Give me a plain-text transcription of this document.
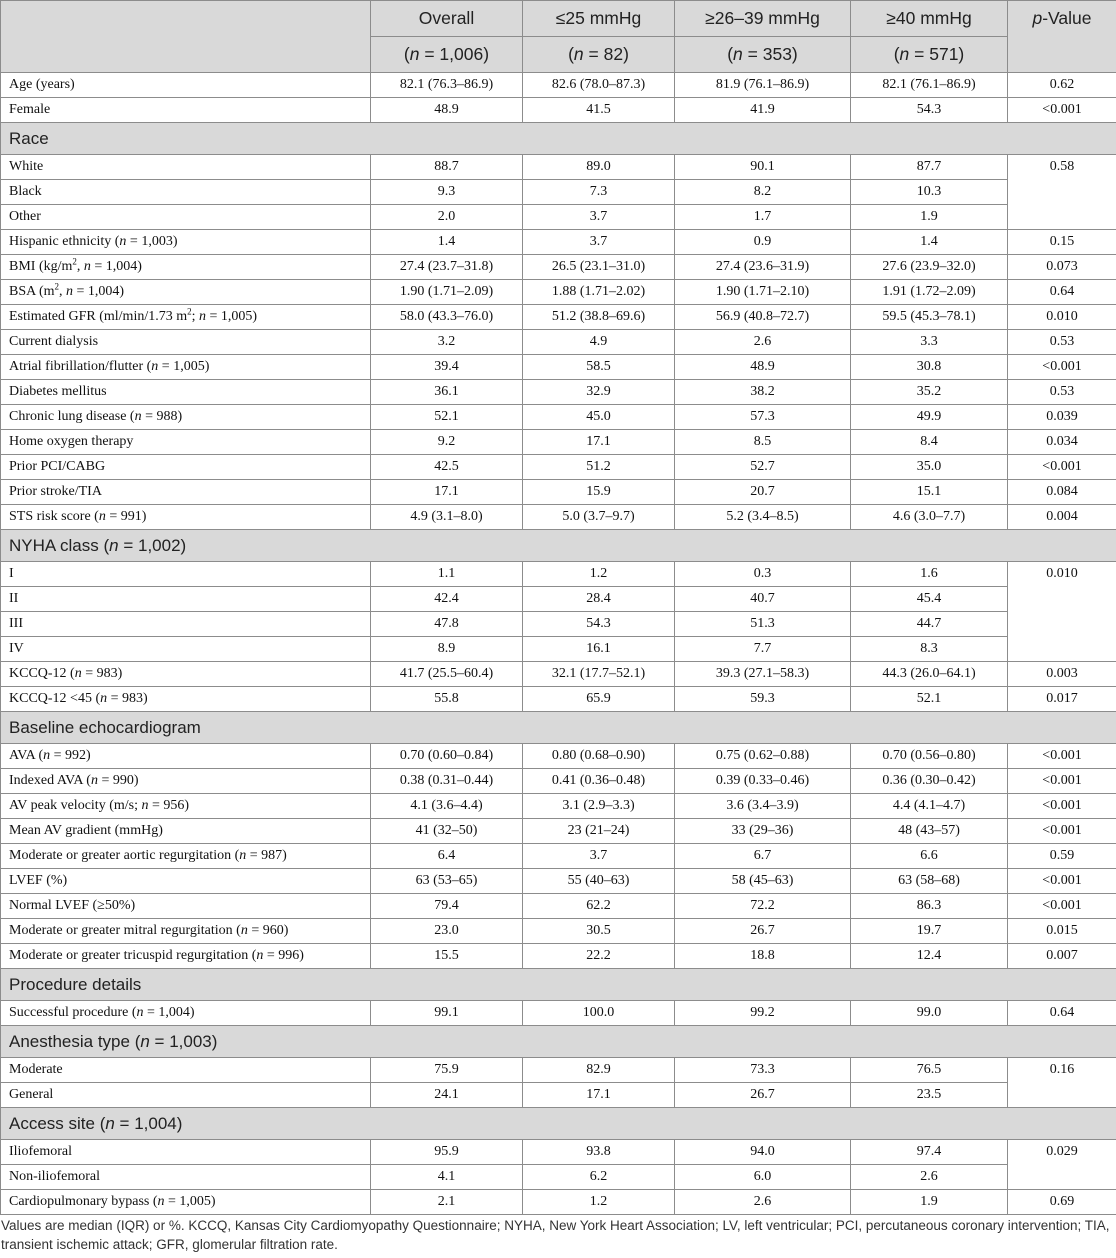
	Overall	≤25 mmHg	≥26–39 mmHg	≥40 mmHg	p-Value
	(n = 1,006)	(n = 82)	(n = 353)	(n = 571)	
Age (years)	82.1 (76.3–86.9)	82.6 (78.0–87.3)	81.9 (76.1–86.9)	82.1 (76.1–86.9)	0.62
Female	48.9	41.5	41.9	54.3	<0.001
Race					
White	88.7	89.0	90.1	87.7	0.58
Black	9.3	7.3	8.2	10.3	
Other	2.0	3.7	1.7	1.9	
Hispanic ethnicity (n = 1,003)	1.4	3.7	0.9	1.4	0.15
BMI ($kg/m^2$, n = 1,004)	27.4 (23.7–31.8)	26.5 (23.1–31.0)	27.4 (23.6–31.9)	27.6 (23.9–32.0)	0.073
BSA ($m^2$, n = 1,004)	1.90 (1.71–2.09)	1.88 (1.71–2.02)	1.90 (1.71–2.10)	1.91 (1.72–2.09)	0.64
Estimated GFR (ml/min/1.73 $m^2$; n = 1,005)	58.0 (43.3–76.0)	51.2 (38.8–69.6)	56.9 (40.8–72.7)	59.5 (45.3–78.1)	0.010
Current dialysis	3.2	4.9	2.6	3.3	0.53
Atrial fibrillation/flutter (n = 1,005)	39.4	58.5	48.9	30.8	<0.001
Diabetes mellitus	36.1	32.9	38.2	35.2	0.53
Chronic lung disease (n = 988)	52.1	45.0	57.3	49.9	0.039
Home oxygen therapy	9.2	17.1	8.5	8.4	0.034
Prior PCI/CABG	42.5	51.2	52.7	35.0	<0.001
Prior stroke/TIA	17.1	15.9	20.7	15.1	0.084
STS risk score (n = 991)	4.9 (3.1–8.0)	5.0 (3.7–9.7)	5.2 (3.4–8.5)	4.6 (3.0–7.7)	0.004
NYHA class (n = 1,002)					
I	1.1	1.2	0.3	1.6	0.010
II	42.4	28.4	40.7	45.4	
III	47.8	54.3	51.3	44.7	
IV	8.9	16.1	7.7	8.3	
KCCQ-12 (n = 983)	41.7 (25.5–60.4)	32.1 (17.7–52.1)	39.3 (27.1–58.3)	44.3 (26.0–64.1)	0.003
KCCQ-12 <45 (n = 983)	55.8	65.9	59.3	52.1	0.017
Baseline echocardiogram					
AVA (n = 992)	0.70 (0.60–0.84)	0.80 (0.68–0.90)	0.75 (0.62–0.88)	0.70 (0.56–0.80)	<0.001
Indexed AVA (n = 990)	0.38 (0.31–0.44)	0.41 (0.36–0.48)	0.39 (0.33–0.46)	0.36 (0.30–0.42)	<0.001
AV peak velocity (m/s; n = 956)	4.1 (3.6–4.4)	3.1 (2.9–3.3)	3.6 (3.4–3.9)	4.4 (4.1–4.7)	<0.001
Mean AV gradient (mmHg)	41 (32–50)	23 (21–24)	33 (29–36)	48 (43–57)	<0.001
Moderate or greater aortic regurgitation (n = 987)	6.4	3.7	6.7	6.6	0.59
LVEF (%)	63 (53–65)	55 (40–63)	58 (45–63)	63 (58–68)	<0.001
Normal LVEF (≥50%)	79.4	62.2	72.2	86.3	<0.001
Moderate or greater mitral regurgitation (n = 960)	23.0	30.5	26.7	19.7	0.015
Moderate or greater tricuspid regurgitation (n = 996)	15.5	22.2	18.8	12.4	0.007
Procedure details					
Successful procedure (n = 1,004)	99.1	100.0	99.2	99.0	0.64
Anesthesia type (n = 1,003)					
Moderate	75.9	82.9	73.3	76.5	0.16
General	24.1	17.1	26.7	23.5	
Access site (n = 1,004)					
Iliofemoral	95.9	93.8	94.0	97.4	0.029
Non-iliofemoral	4.1	6.2	6.0	2.6	
Cardiopulmonary bypass (n = 1,005)	2.1	1.2	2.6	1.9	0.69
Values are median (IQR) or %. KCCQ, Kansas City Cardiomyopathy Questionnaire; NYHA, New York Heart Association; LV, left ventricular; PCI, percutaneous coronary intervention; TIA, transient ischemic attack; GFR, glomerular filtration rate.
